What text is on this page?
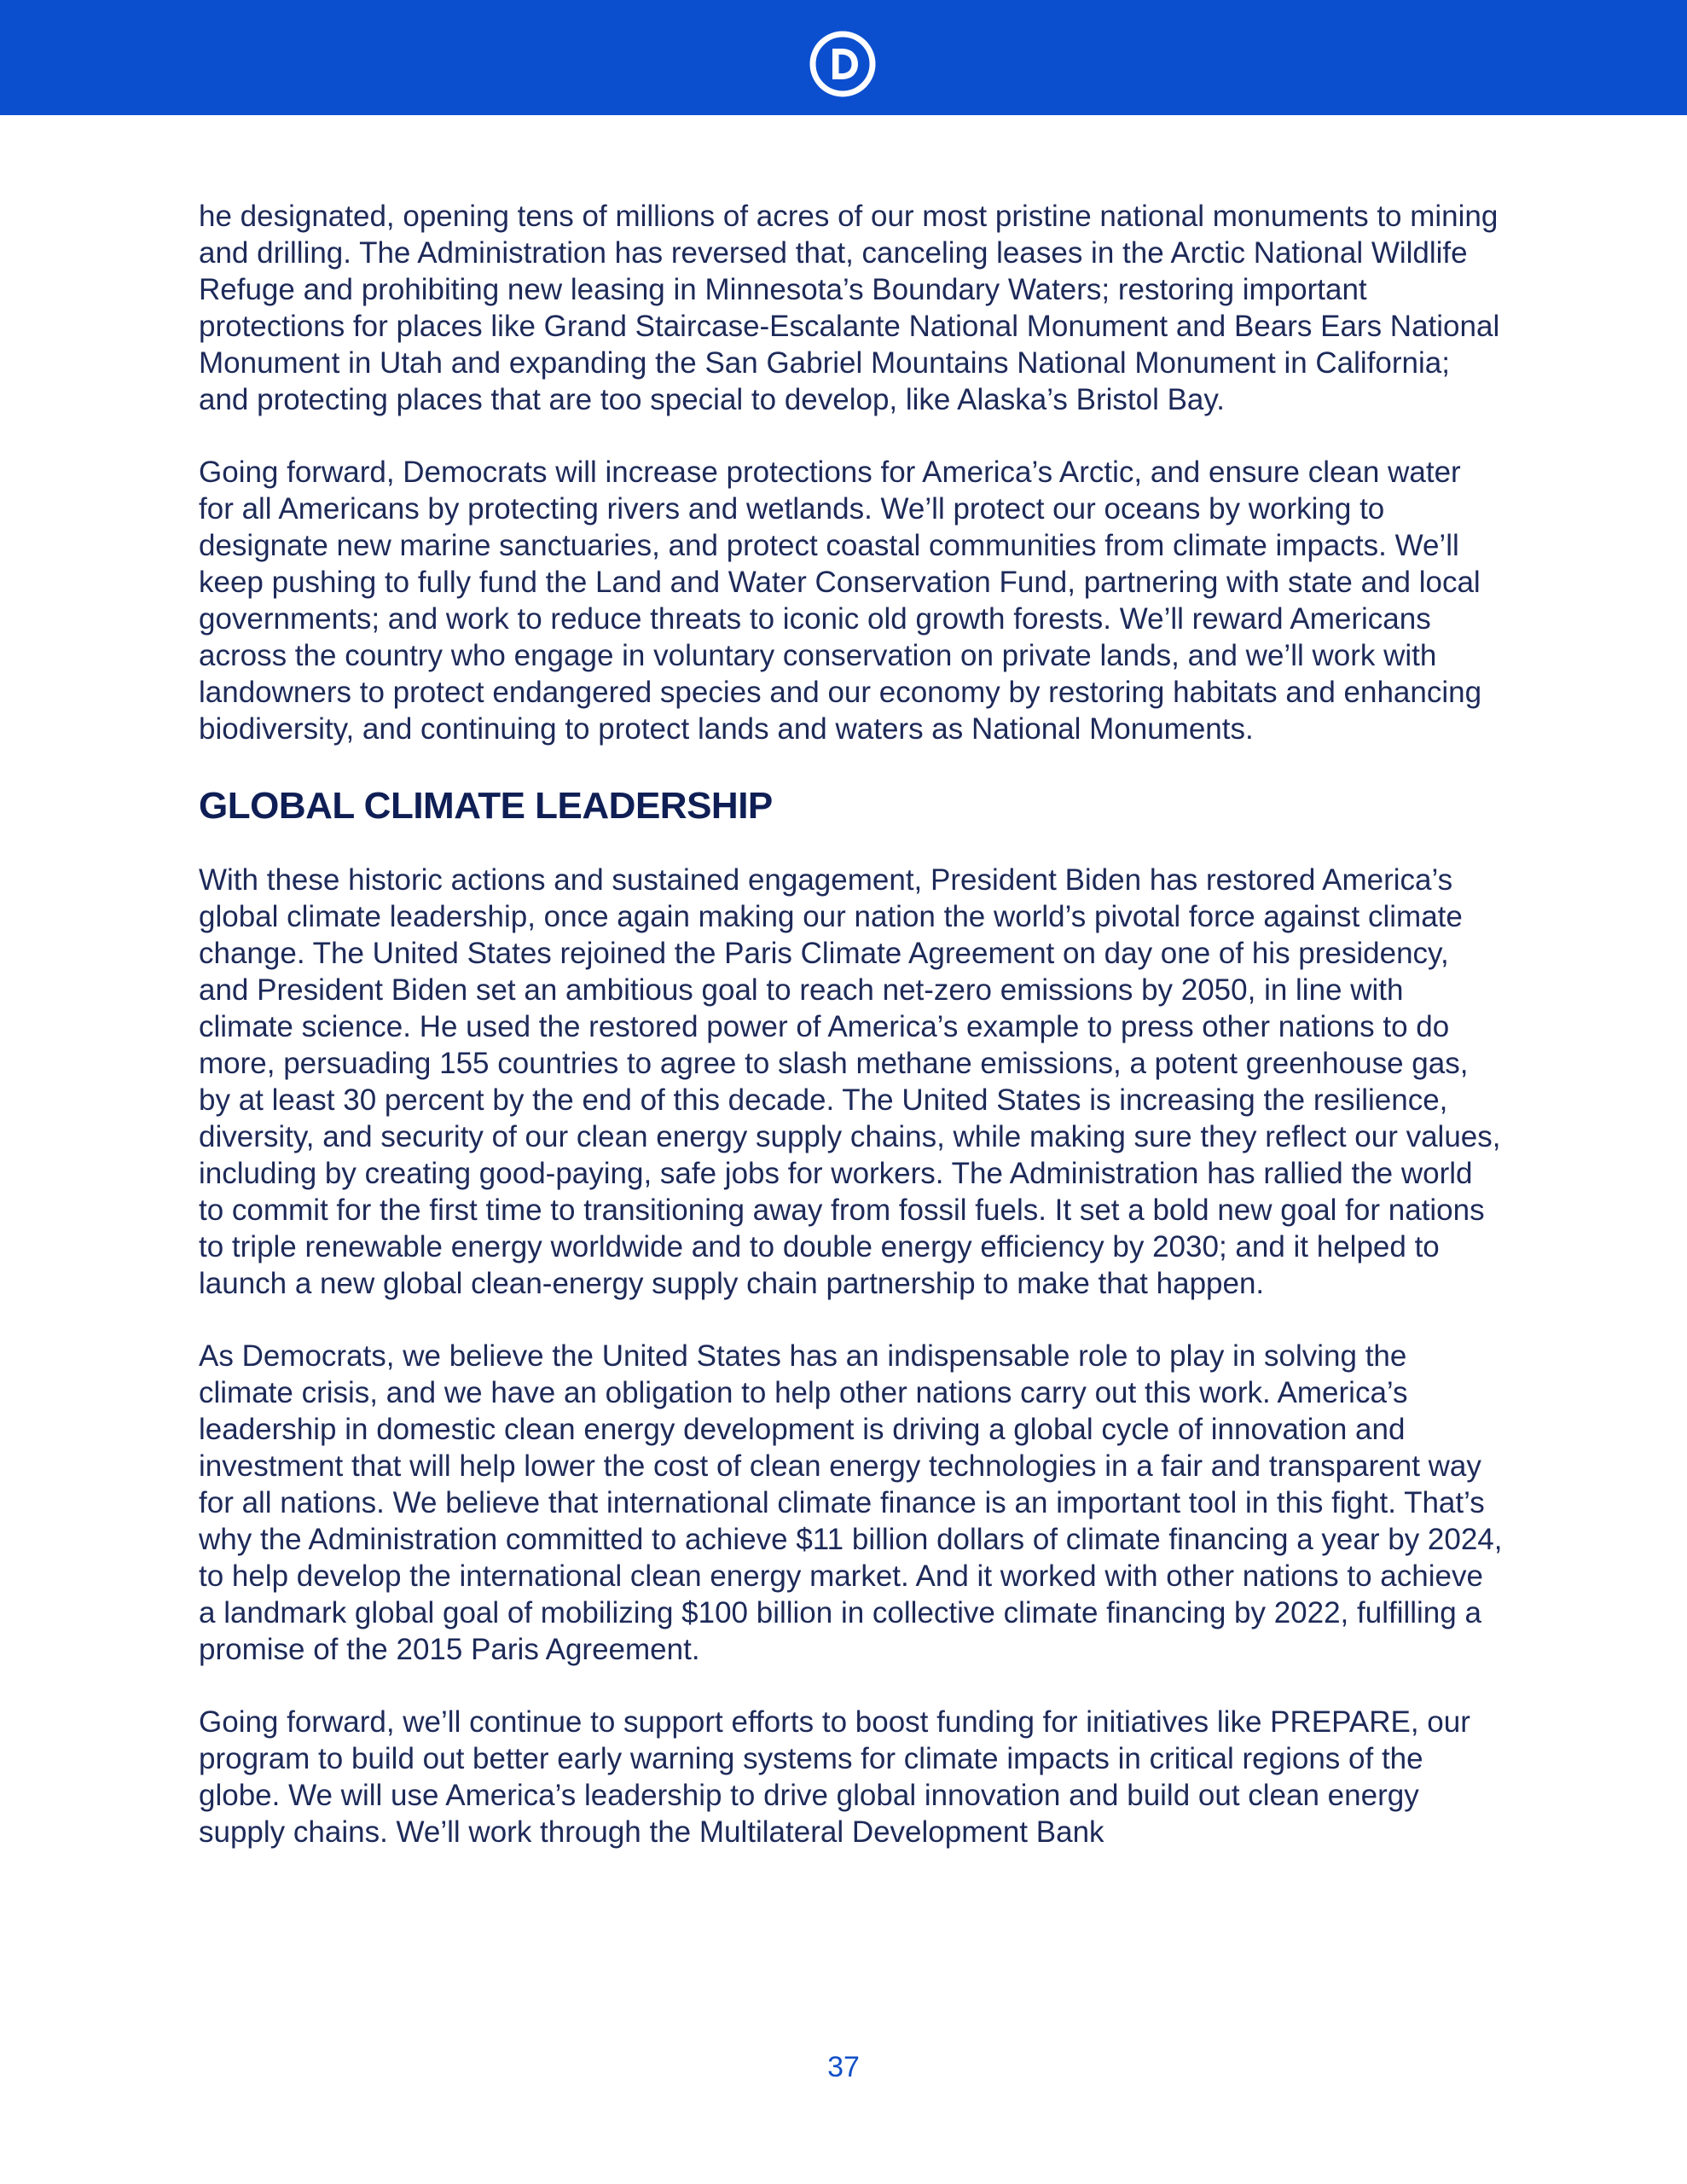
he designated, opening tens of millions of acres of our most pristine national monuments to mining and drilling. The Administration has reversed that, canceling leases in the Arctic National Wildlife Refuge and prohibiting new leasing in Minnesota’s Boundary Waters; restoring important protections for places like Grand Staircase-Escalante National Monument and Bears Ears National Monument in Utah and expanding the San Gabriel Mountains National Monument in California; and protecting places that are too special to develop, like Alaska’s Bristol Bay.

Going forward, Democrats will increase protections for America’s Arctic, and ensure clean water for all Americans by protecting rivers and wetlands. We’ll protect our oceans by working to designate new marine sanctuaries, and protect coastal communities from climate impacts. We’ll keep pushing to fully fund the Land and Water Conservation Fund, partnering with state and local governments; and work to reduce threats to iconic old growth forests. We’ll reward Americans across the country who engage in voluntary conservation on private lands, and we’ll work with landowners to protect endangered species and our economy by restoring habitats and enhancing biodiversity, and continuing to protect lands and waters as National Monuments.

GLOBAL CLIMATE LEADERSHIP

With these historic actions and sustained engagement, President Biden has restored America’s global climate leadership, once again making our nation the world’s pivotal force against climate change. The United States rejoined the Paris Climate Agreement on day one of his presidency, and President Biden set an ambitious goal to reach net-zero emissions by 2050, in line with climate science. He used the restored power of America’s example to press other nations to do more, persuading 155 countries to agree to slash methane emissions, a potent greenhouse gas, by at least 30 percent by the end of this decade. The United States is increasing the resilience, diversity, and security of our clean energy supply chains, while making sure they reflect our values, including by creating good-paying, safe jobs for workers. The Administration has rallied the world to commit for the first time to transitioning away from fossil fuels. It set a bold new goal for nations to triple renewable energy worldwide and to double energy efficiency by 2030; and it helped to launch a new global clean-energy supply chain partnership to make that happen.

As Democrats, we believe the United States has an indispensable role to play in solving the climate crisis, and we have an obligation to help other nations carry out this work. America’s leadership in domestic clean energy development is driving a global cycle of innovation and investment that will help lower the cost of clean energy technologies in a fair and transparent way for all nations. We believe that international climate finance is an important tool in this fight. That’s why the Administration committed to achieve $11 billion dollars of climate financing a year by 2024, to help develop the international clean energy market. And it worked with other nations to achieve a landmark global goal of mobilizing $100 billion in collective climate financing by 2022, fulfilling a promise of the 2015 Paris Agreement.

Going forward, we’ll continue to support efforts to boost funding for initiatives like PREPARE, our program to build out better early warning systems for climate impacts in critical regions of the globe. We will use America’s leadership to drive global innovation and build out clean energy supply chains. We’ll work through the Multilateral Development Bank

37
